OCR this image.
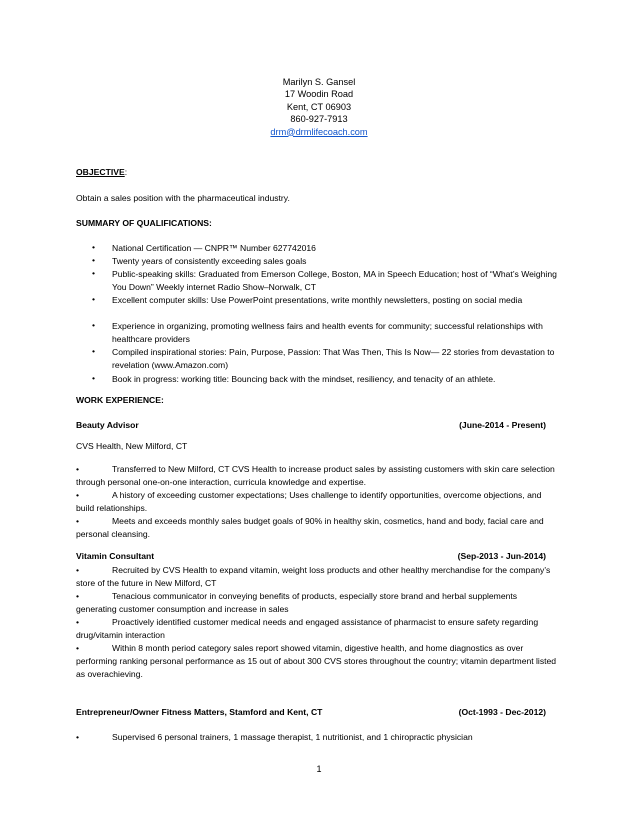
Marilyn S. Gansel
17 Woodin Road
Kent, CT 06903
860-927-7913
drm@drmlifecoach.com
OBJECTIVE:
Obtain a sales position with the pharmaceutical industry.
SUMMARY OF QUALIFICATIONS:
• National Certification — CNPR™ Number 627742016
• Twenty years of consistently exceeding sales goals
• Public-speaking skills: Graduated from Emerson College, Boston, MA in Speech Education; host of “What’s Weighing You Down” Weekly internet Radio Show–Norwalk, CT
• Excellent computer skills: Use PowerPoint presentations, write monthly newsletters, posting on social media
• Experience in organizing, promoting wellness fairs and health events for community; successful relationships with healthcare providers
• Compiled inspirational stories: Pain, Purpose, Passion: That Was Then, This Is Now— 22 stories from devastation to revelation (www.Amazon.com)
• Book in progress: working title: Bouncing back with the mindset, resiliency, and tenacity of an athlete.
WORK EXPERIENCE:
Beauty Advisor	(June-2014 - Present)
CVS Health, New Milford, CT
•	Transferred to New Milford, CT CVS Health to increase product sales by assisting customers with skin care selection through personal one-on-one interaction, curricula knowledge and expertise.
•	A history of exceeding customer expectations; Uses challenge to identify opportunities, overcome objections, and build relationships.
•	Meets and exceeds monthly sales budget goals of 90% in healthy skin, cosmetics, hand and body, facial care and personal cleansing.
Vitamin Consultant	(Sep-2013 - Jun-2014)
•	Recruited by CVS Health to expand vitamin, weight loss products and other healthy merchandise for the company’s store of the future in New Milford, CT
•	Tenacious communicator in conveying benefits of products, especially store brand and herbal supplements generating customer consumption and increase in sales
•	Proactively identified customer medical needs and engaged assistance of pharmacist to ensure safety regarding drug/vitamin interaction
•	Within 8 month period category sales report showed vitamin, digestive health, and home diagnostics as over performing ranking personal performance as 15 out of about 300 CVS stores throughout the country; vitamin department listed as overachieving.
Entrepreneur/Owner Fitness Matters, Stamford and Kent, CT	(Oct-1993 - Dec-2012)
•	Supervised 6 personal trainers, 1 massage therapist, 1 nutritionist, and 1 chiropractic physician
1
